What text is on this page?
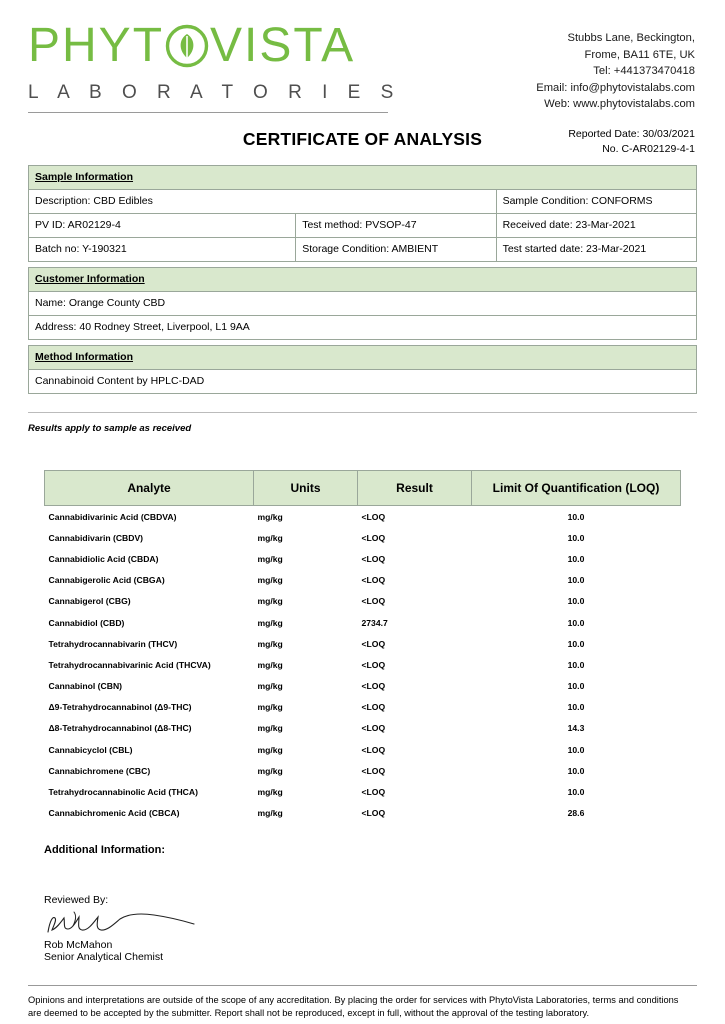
PHYT VISTA
L A B O R A T O R I E S
Stubbs Lane, Beckington,
Frome, BA11 6TE, UK
Tel: +441373470418
Email: info@phytovistalabs.com
Web: www.phytovistalabs.com
Reported Date: 30/03/2021
No. C-AR02129-4-1
CERTIFICATE OF ANALYSIS
Sample Information		
Description: CBD Edibles		Sample Condition: CONFORMS
PV ID: AR02129-4	Test method: PVSOP-47	Received date: 23-Mar-2021
Batch no: Y-190321	Storage Condition: AMBIENT	Test started date: 23-Mar-2021
Customer Information
Name: Orange County CBD
Address: 40 Rodney Street, Liverpool, L1 9AA
Method Information
Cannabinoid Content by HPLC-DAD
Results apply to sample as received
Analyte	Units	Result	Limit Of Quantification (LOQ)
Cannabidivarinic Acid (CBDVA)	mg/kg	<LOQ	10.0
Cannabidivarin (CBDV)	mg/kg	<LOQ	10.0
Cannabidiolic Acid (CBDA)	mg/kg	<LOQ	10.0
Cannabigerolic Acid (CBGA)	mg/kg	<LOQ	10.0
Cannabigerol (CBG)	mg/kg	<LOQ	10.0
Cannabidiol (CBD)	mg/kg	2734.7	10.0
Tetrahydrocannabivarin (THCV)	mg/kg	<LOQ	10.0
Tetrahydrocannabivarinic Acid (THCVA)	mg/kg	<LOQ	10.0
Cannabinol (CBN)	mg/kg	<LOQ	10.0
Δ9-Tetrahydrocannabinol (Δ9-THC)	mg/kg	<LOQ	10.0
Δ8-Tetrahydrocannabinol (Δ8-THC)	mg/kg	<LOQ	14.3
Cannabicyclol (CBL)	mg/kg	<LOQ	10.0
Cannabichromene (CBC)	mg/kg	<LOQ	10.0
Tetrahydrocannabinolic Acid (THCA)	mg/kg	<LOQ	10.0
Cannabichromenic Acid (CBCA)	mg/kg	<LOQ	28.6
Additional Information:
Reviewed By:
Rob McMahon
Senior Analytical Chemist
Opinions and interpretations are outside of the scope of any accreditation. By placing the order for services with PhytoVista Laboratories, terms and conditions are deemed to be accepted by the submitter. Report shall not be reproduced, except in full, without the approval of the testing laboratory.
